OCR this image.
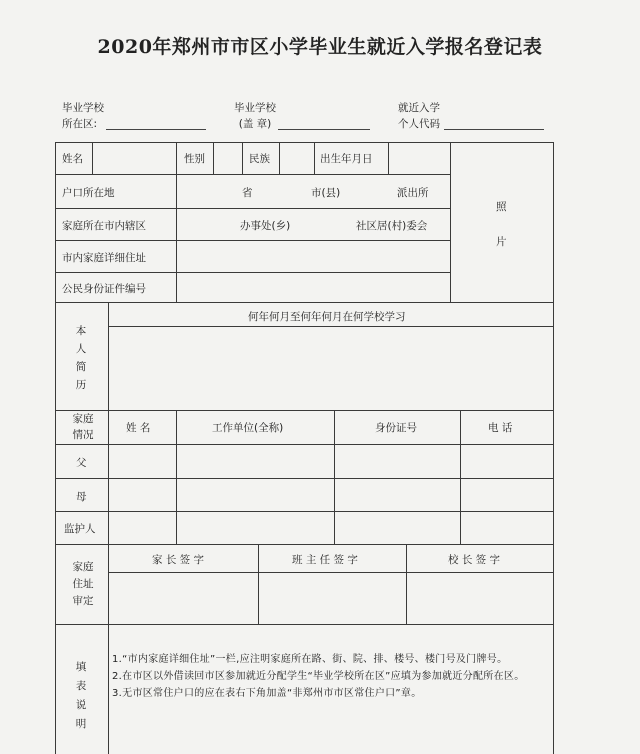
2020年郑州市市区小学毕业生就近入学报名登记表
毕业学校
所在区:
毕业学校
(盖 章)
就近入学
个人代码
姓名	性别	民族	出生年月日
户口所在地	省	市(县)	派出所
家庭所在市内辖区	办事处(乡)	社区居(村)委会
市内家庭详细住址
公民身份证件编号
照
片
本
人
简
历
何年何月至何年何月在何学校学习
家庭
情况
姓 名	工作单位(全称)	身份证号	电 话
父
母
监护人
家庭
住址
审定
家 长 签 字	班 主 任 签 字	校 长 签 字
填
表
说
明
1.“市内家庭详细住址”一栏,应注明家庭所在路、街、院、排、楼号、楼门号及门牌号。
2.在市区以外借读回市区参加就近分配学生“毕业学校所在区”应填为参加就近分配所在区。
3.无市区常住户口的应在表右下角加盖“非郑州市市区常住户口”章。
